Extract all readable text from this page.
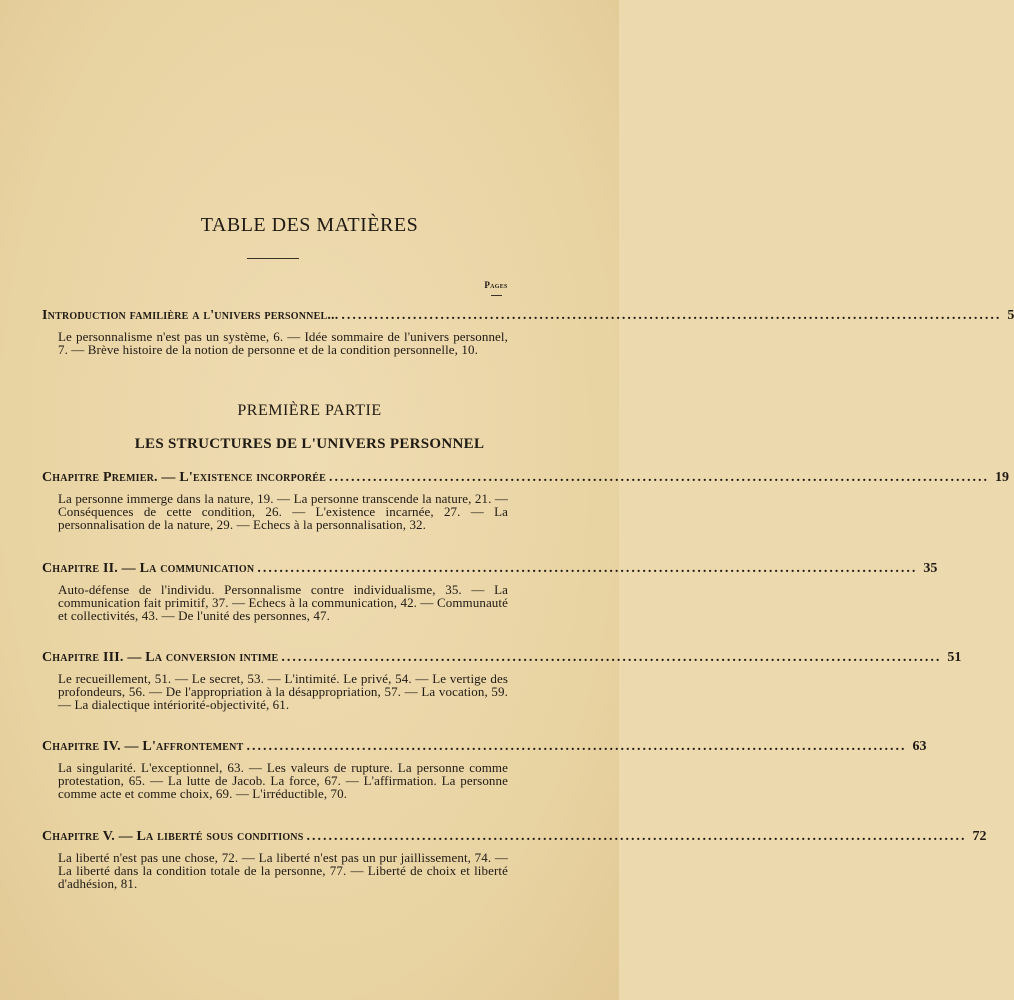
TABLE DES MATIÈRES
Pages
Introduction familière a l'univers personnel... ........................................................................................................................ 5
Le personnalisme n'est pas un système, 6. — Idée sommaire de l'univers personnel, 7. — Brève histoire de la notion de personne et de la condition personnelle, 10.
PREMIÈRE PARTIE
LES STRUCTURES DE L'UNIVERS PERSONNEL
Chapitre Premier. — L'existence incorporée ........................................................................................................................ 19
La personne immerge dans la nature, 19. — La personne transcende la nature, 21. — Conséquences de cette condition, 26. — L'existence incarnée, 27. — La personnalisation de la nature, 29. — Echecs à la personnalisation, 32.
Chapitre II. — La communication ........................................................................................................................ 35
Auto-défense de l'individu. Personnalisme contre individualisme, 35. — La communication fait primitif, 37. — Echecs à la communication, 42. — Communauté et collectivités, 43. — De l'unité des personnes, 47.
Chapitre III. — La conversion intime ........................................................................................................................ 51
Le recueillement, 51. — Le secret, 53. — L'intimité. Le privé, 54. — Le vertige des profondeurs, 56. — De l'appropriation à la désappropriation, 57. — La vocation, 59. — La dialectique intériorité-objectivité, 61.
Chapitre IV. — L'affrontement ........................................................................................................................ 63
La singularité. L'exceptionnel, 63. — Les valeurs de rupture. La personne comme protestation, 65. — La lutte de Jacob. La force, 67. — L'affirmation. La personne comme acte et comme choix, 69. — L'irréductible, 70.
Chapitre V. — La liberté sous conditions ........................................................................................................................ 72
La liberté n'est pas une chose, 72. — La liberté n'est pas un pur jaillissement, 74. — La liberté dans la condition totale de la personne, 77. — Liberté de choix et liberté d'adhésion, 81.
